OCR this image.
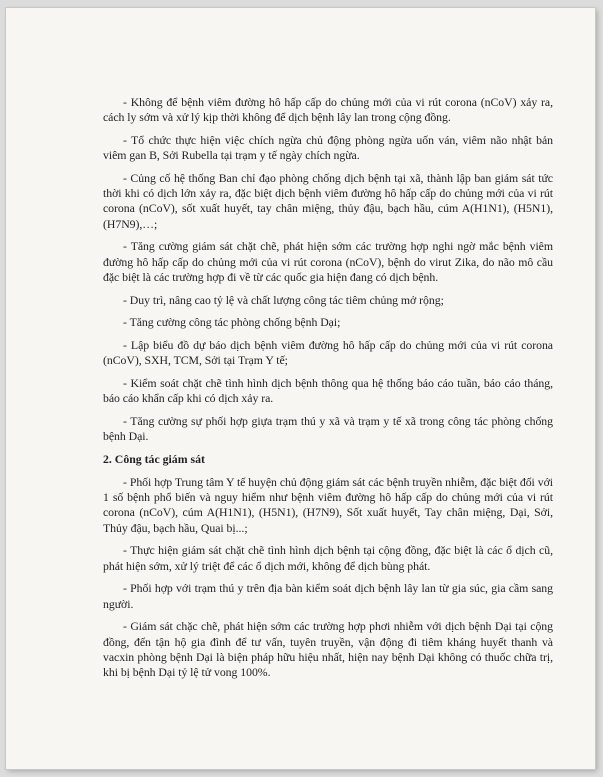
- Không để bệnh viêm đường hô hấp cấp do chủng mới của vi rút corona (nCoV) xảy ra, cách ly sớm và xử lý kịp thời không để dịch bệnh lây lan trong cộng đồng.

- Tổ chức thực hiện việc chích ngừa chủ động phòng ngừa uốn ván, viêm não nhật bản viêm gan B, Sởi Rubella tại trạm y tế ngày chích ngừa.

- Củng cố hệ thống Ban chỉ đạo phòng chống dịch bệnh tại xã, thành lập ban giám sát tức thời khi có dịch lớn xảy ra, đặc biệt dịch bệnh viêm đường hô hấp cấp do chủng mới của vi rút corona (nCoV), sốt xuất huyết, tay chân miệng, thủy đậu, bạch hầu, cúm A(H1N1), (H5N1), (H7N9),…;

- Tăng cường giám sát chặt chẽ, phát hiện sớm các trường hợp nghi ngờ mắc bệnh viêm đường hô hấp cấp do chủng mới của vi rút corona (nCoV), bệnh do virut Zika, do não mô cầu đặc biệt là các trường hợp đi về từ các quốc gia hiện đang có dịch bệnh.

- Duy trì, nâng cao tỷ lệ và chất lượng công tác tiêm chủng mở rộng;

- Tăng cường công tác phòng chống bệnh Dại;

- Lập biểu đồ dự báo dịch bệnh viêm đường hô hấp cấp do chủng mới của vi rút corona (nCoV), SXH, TCM, Sởi tại Trạm Y tế;

- Kiểm soát chặt chẽ tình hình dịch bệnh thông qua hệ thống báo cáo tuần, báo cáo tháng, báo cáo khẩn cấp khi có dịch xảy ra.

- Tăng cường sự phối hợp giựa trạm thú y xã và trạm y tế xã trong công tác phòng chống bệnh Dại.

2. Công tác giám sát

- Phối hợp Trung tâm Y tế huyện chủ động giám sát các bệnh truyền nhiễm, đặc biệt đối với 1 số bệnh phổ biến và nguy hiểm như bệnh viêm đường hô hấp cấp do chủng mới của vi rút corona (nCoV), cúm A(H1N1), (H5N1), (H7N9), Sốt xuất huyết, Tay chân miệng, Dại, Sởi, Thủy đậu, bạch hầu, Quai bị...;

- Thực hiện giám sát chặt chẽ tình hình dịch bệnh tại cộng đồng, đặc biệt là các ổ dịch cũ, phát hiện sớm, xử lý triệt để các ổ dịch mới, không để dịch bùng phát.

- Phối hợp với trạm thú y trên địa bàn kiểm soát dịch bệnh lây lan từ gia súc, gia cầm sang người.

- Giám sát chặc chẽ, phát hiện sớm các trường hợp phơi nhiễm với dịch bệnh Dại tại cộng đồng, đến tận hộ gia đình để tư vấn, tuyên truyền, vận động đi tiêm kháng huyết thanh và vacxin phòng bệnh Dại là biện pháp hữu hiệu nhất, hiện nay bệnh Dại không có thuốc chữa trị, khi bị bệnh Dại tỷ lệ tử vong 100%.
